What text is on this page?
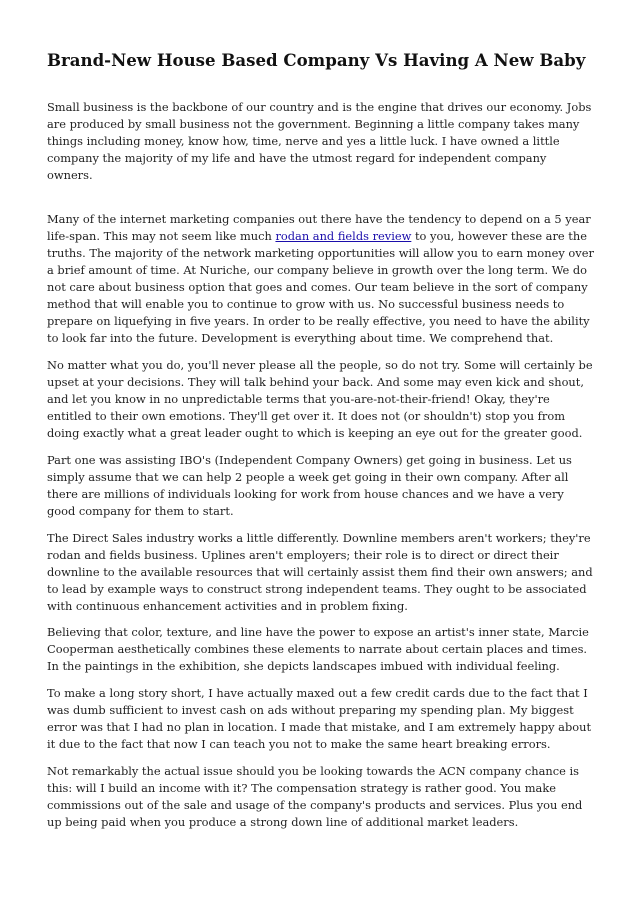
Brand-New House Based Company Vs Having A New Baby

Small business is the backbone of our country and is the engine that drives our economy. Jobs are produced by small business not the government. Beginning a little company takes many things including money, know how, time, nerve and yes a little luck. I have owned a little company the majority of my life and have the utmost regard for independent company owners.

Many of the internet marketing companies out there have the tendency to depend on a 5 year life-span. This may not seem like much rodan and fields review to you, however these are the truths. The majority of the network marketing opportunities will allow you to earn money over a brief amount of time. At Nuriche, our company believe in growth over the long term. We do not care about business option that goes and comes. Our team believe in the sort of company method that will enable you to continue to grow with us. No successful business needs to prepare on liquefying in five years. In order to be really effective, you need to have the ability to look far into the future. Development is everything about time. We comprehend that.

No matter what you do, you'll never please all the people, so do not try. Some will certainly be upset at your decisions. They will talk behind your back. And some may even kick and shout, and let you know in no unpredictable terms that you-are-not-their-friend! Okay, they're entitled to their own emotions. They'll get over it. It does not (or shouldn't) stop you from doing exactly what a great leader ought to which is keeping an eye out for the greater good.

Part one was assisting IBO's (Independent Company Owners) get going in business. Let us simply assume that we can help 2 people a week get going in their own company. After all there are millions of individuals looking for work from house chances and we have a very good company for them to start.

The Direct Sales industry works a little differently. Downline members aren't workers; they're rodan and fields business. Uplines aren't employers; their role is to direct or direct their downline to the available resources that will certainly assist them find their own answers; and to lead by example ways to construct strong independent teams. They ought to be associated with continuous enhancement activities and in problem fixing.

Believing that color, texture, and line have the power to expose an artist's inner state, Marcie Cooperman aesthetically combines these elements to narrate about certain places and times. In the paintings in the exhibition, she depicts landscapes imbued with individual feeling.

To make a long story short, I have actually maxed out a few credit cards due to the fact that I was dumb sufficient to invest cash on ads without preparing my spending plan. My biggest error was that I had no plan in location. I made that mistake, and I am extremely happy about it due to the fact that now I can teach you not to make the same heart breaking errors.

Not remarkably the actual issue should you be looking towards the ACN company chance is this: will I build an income with it? The compensation strategy is rather good. You make commissions out of the sale and usage of the company's products and services. Plus you end up being paid when you produce a strong down line of additional market leaders.
